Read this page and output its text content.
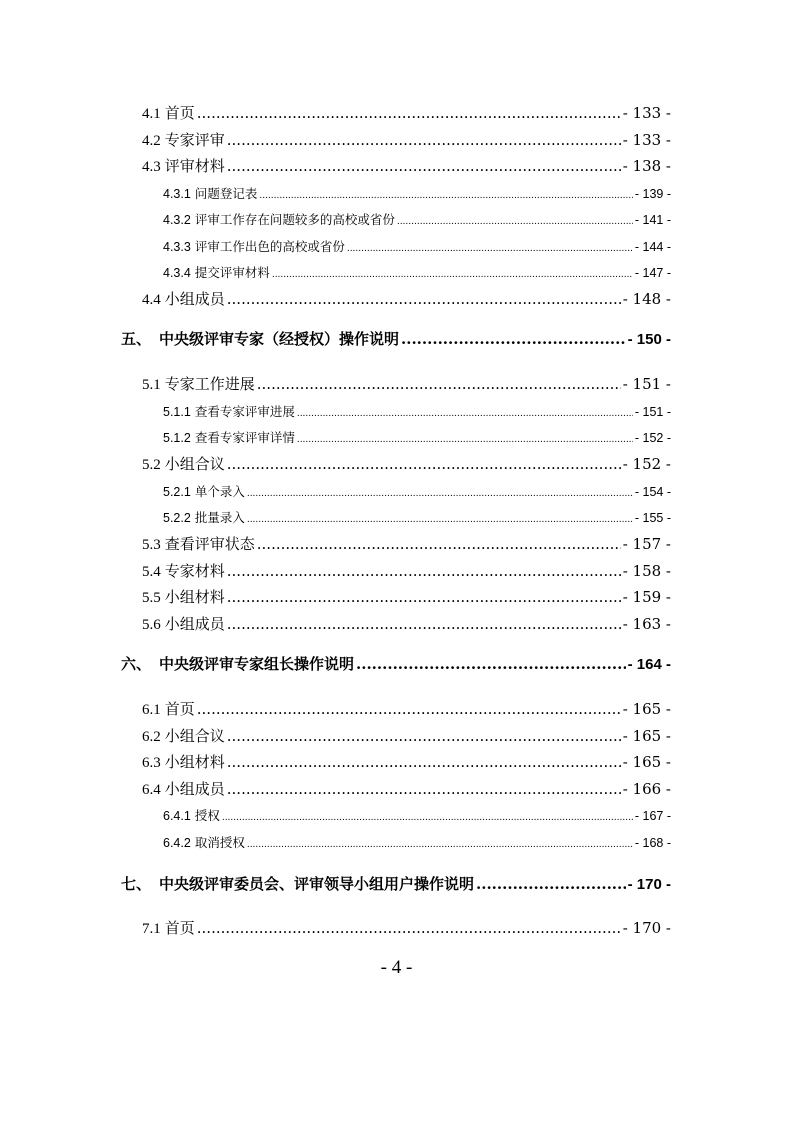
4.1 首页 .....	- 133 -
4.2 专家评审 .....	- 133 -
4.3 评审材料 .....	- 138 -
4.3.1 问题登记表 .....	- 139 -
4.3.2 评审工作存在问题较多的高校或省份 .....	- 141 -
4.3.3 评审工作出色的高校或省份 .....	- 144 -
4.3.4 提交评审材料 .....	- 147 -
4.4 小组成员 .....	- 148 -
五、 中央级评审专家（经授权）操作说明 .....	- 150 -
5.1 专家工作进展 .....	- 151 -
5.1.1 查看专家评审进展 .....	- 151 -
5.1.2 查看专家评审详情 .....	- 152 -
5.2 小组合议 .....	- 152 -
5.2.1 单个录入 .....	- 154 -
5.2.2 批量录入 .....	- 155 -
5.3 查看评审状态 .....	- 157 -
5.4 专家材料 .....	- 158 -
5.5 小组材料 .....	- 159 -
5.6 小组成员 .....	- 163 -
六、 中央级评审专家组长操作说明 .....	- 164 -
6.1 首页 .....	- 165 -
6.2 小组合议 .....	- 165 -
6.3 小组材料 .....	- 165 -
6.4 小组成员 .....	- 166 -
6.4.1 授权 .....	- 167 -
6.4.2 取消授权 .....	- 168 -
七、 中央级评审委员会、评审领导小组用户操作说明 .....	- 170 -
7.1 首页 .....	- 170 -
- 4 -
